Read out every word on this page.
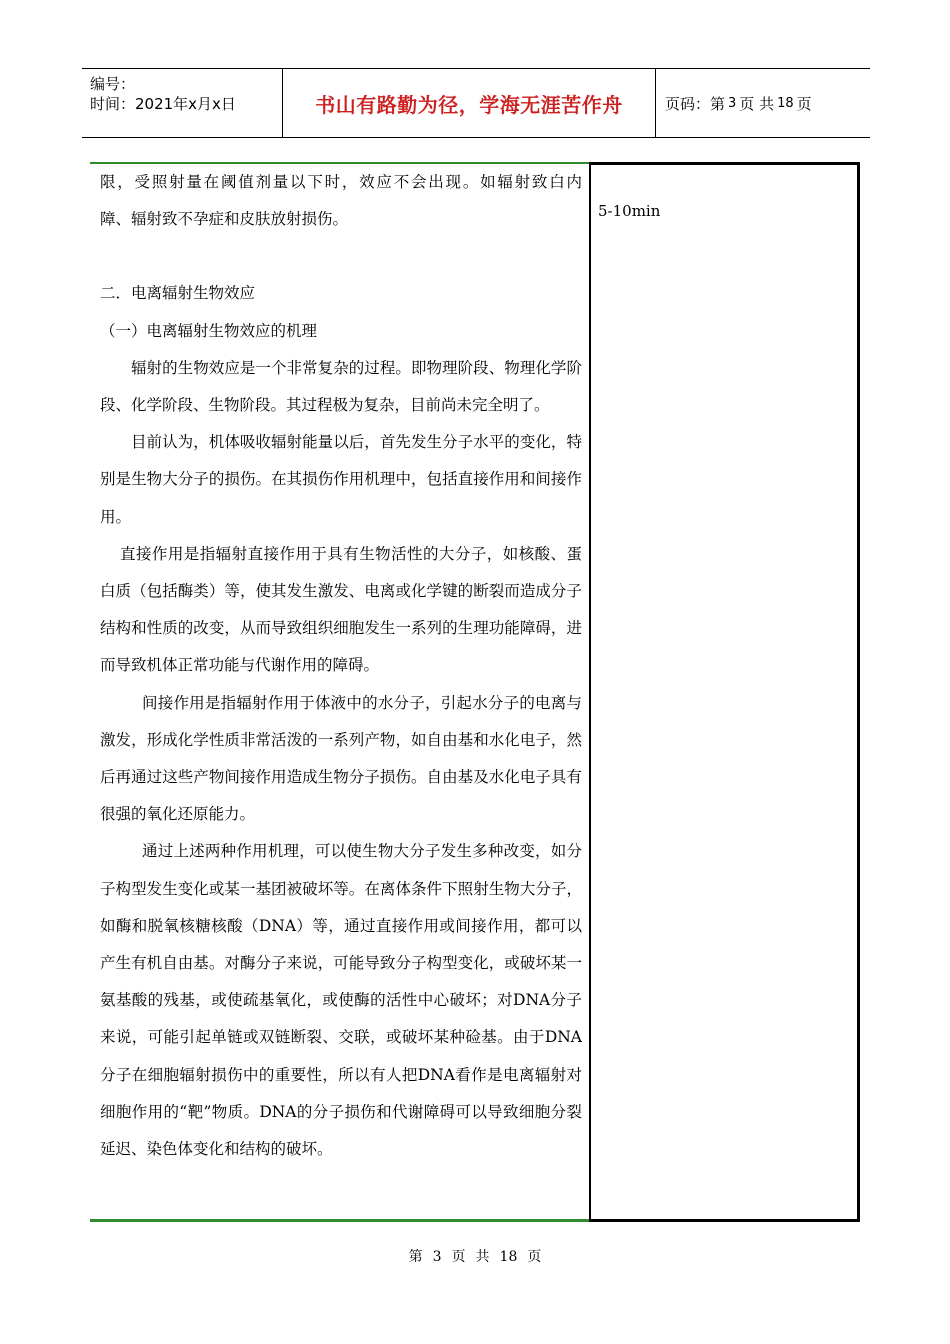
编号：
时间：2021年x月x日	书山有路勤为径，学海无涯苦作舟	页码：第 3 页 共 18 页

限，受照射量在阈值剂量以下时，效应不会出现。如辐射致白内

障、辐射致不孕症和皮肤放射损伤。

二．电离辐射生物效应

（一）电离辐射生物效应的机理

辐射的生物效应是一个非常复杂的过程。即物理阶段、物理化学阶段、化学阶段、生物阶段。其过程极为复杂，目前尚未完全明了。

目前认为，机体吸收辐射能量以后，首先发生分子水平的变化，特别是生物大分子的损伤。在其损伤作用机理中，包括直接作用和间接作用。

直接作用是指辐射直接作用于具有生物活性的大分子，如核酸、蛋白质（包括酶类）等，使其发生激发、电离或化学键的断裂而造成分子结构和性质的改变，从而导致组织细胞发生一系列的生理功能障碍，进而导致机体正常功能与代谢作用的障碍。

间接作用是指辐射作用于体液中的水分子，引起水分子的电离与激发，形成化学性质非常活泼的一系列产物，如自由基和水化电子，然后再通过这些产物间接作用造成生物分子损伤。自由基及水化电子具有很强的氧化还原能力。

通过上述两种作用机理，可以使生物大分子发生多种改变，如分子构型发生变化或某一基团被破坏等。在离体条件下照射生物大分子，如酶和脱氧核糖核酸（DNA）等，通过直接作用或间接作用，都可以产生有机自由基。对酶分子来说，可能导致分子构型变化，或破坏某一氨基酸的残基，或使疏基氧化，或使酶的活性中心破坏；对DNA分子来说，可能引起单链或双链断裂、交联，或破坏某种硷基。由于DNA分子在细胞辐射损伤中的重要性，所以有人把DNA看作是电离辐射对细胞作用的“靶”物质。DNA的分子损伤和代谢障碍可以导致细胞分裂延迟、染色体变化和结构的破坏。

5-10min
第 3 页 共 18 页
